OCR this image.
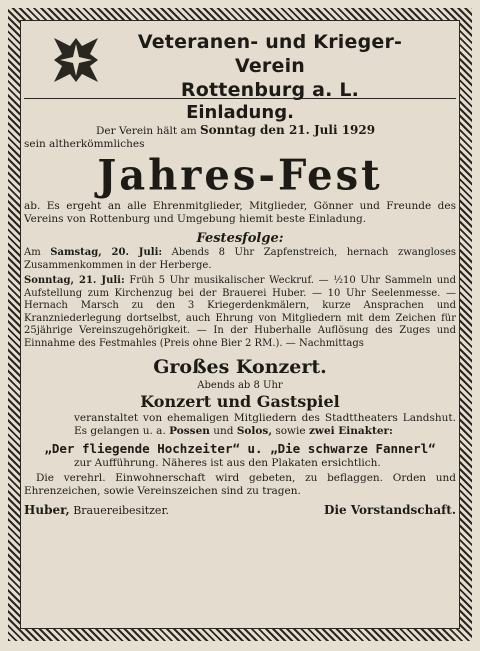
Veteranen- und Krieger-Verein
Rottenburg a. L.
Einladung.

Der Verein hält am Sonntag den 21. Juli 1929

sein altherkömmliches

Jahres-Fest

ab. Es ergeht an alle Ehrenmitglieder, Mitglieder, Gönner und Freunde des Vereins von Rottenburg und Umgebung hiemit beste Einladung.

Festesfolge:

Am Samstag, 20. Juli: Abends 8 Uhr Zapfenstreich, hernach zwangloses Zusammenkommen in der Herberge.

Sonntag, 21. Juli: Früh 5 Uhr musikalischer Weckruf. — ½10 Uhr Sammeln und Aufstellung zum Kirchenzug bei der Brauerei Huber. — 10 Uhr Seelenmesse. — Hernach Marsch zu den 3 Kriegerdenkmälern, kurze Ansprachen und Kranzniederlegung dortselbst, auch Ehrung von Mitgliedern mit dem Zeichen für 25jährige Vereinszugehörigkeit. — In der Huberhalle Auflösung des Zuges und Einnahme des Festmahles (Preis ohne Bier 2 RM.). — Nachmittags

Großes Konzert.
Abends ab 8 Uhr
Konzert und Gastspiel

veranstaltet von ehemaligen Mitgliedern des Stadttheaters Landshut. Es gelangen u. a. Possen und Solos, sowie zwei Einakter:

„Der fliegende Hochzeiter“ u. „Die schwarze Fannerl“

zur Aufführung. Näheres ist aus den Plakaten ersichtlich.

Die verehrl. Einwohnerschaft wird gebeten, zu beflaggen. Orden und Ehrenzeichen, sowie Vereinszeichen sind zu tragen.

Huber, Brauereibesitzer.	Die Vorstandschaft.
